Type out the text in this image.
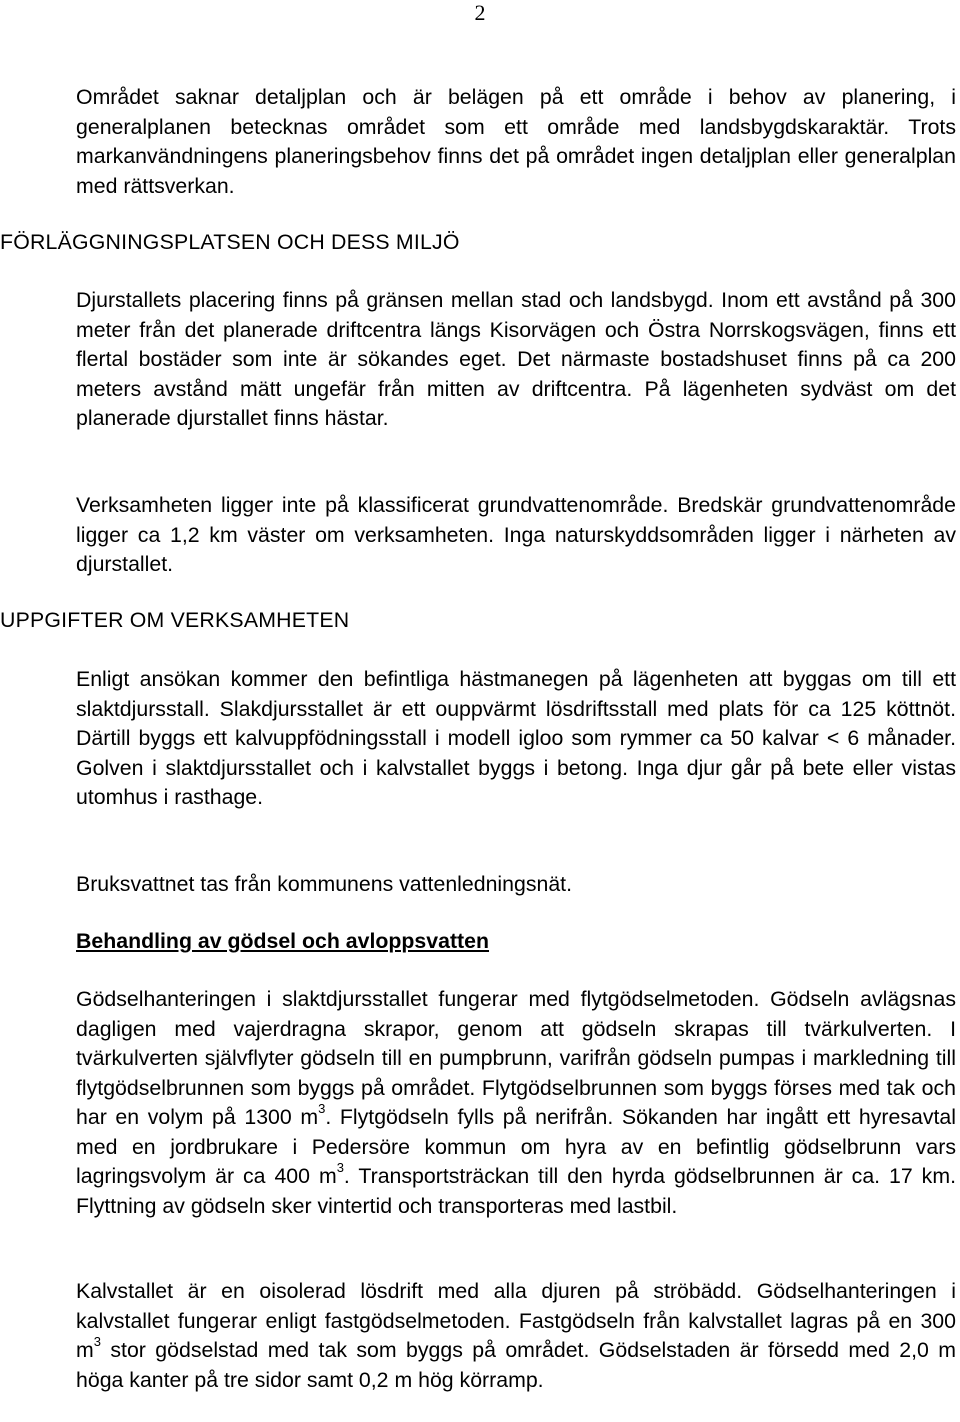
2

Området saknar detaljplan och är belägen på ett område i behov av planering, i generalplanen betecknas området som ett område med landsbygdskaraktär. Trots markanvändningens planeringsbehov finns det på området ingen detaljplan eller generalplan med rättsverkan.

FÖRLÄGGNINGSPLATSEN OCH DESS MILJÖ

Djurstallets placering finns på gränsen mellan stad och landsbygd. Inom ett avstånd på 300 meter från det planerade driftcentra längs Kisorvägen och Östra Norrskogsvägen, finns ett flertal bostäder som inte är sökandes eget. Det närmaste bostadshuset finns på ca 200 meters avstånd mätt ungefär från mitten av driftcentra. På lägenheten sydväst om det planerade djurstallet finns hästar.

Verksamheten ligger inte på klassificerat grundvattenområde. Bredskär grundvattenområde ligger ca 1,2 km väster om verksamheten. Inga naturskyddsområden ligger i närheten av djurstallet.

UPPGIFTER OM VERKSAMHETEN

Enligt ansökan kommer den befintliga hästmanegen på lägenheten att byggas om till ett slaktdjursstall. Slakdjursstallet är ett ouppvärmt lösdriftsstall med plats för ca 125 köttnöt. Därtill byggs ett kalvuppfödningsstall i modell igloo som rymmer ca 50 kalvar < 6 månader. Golven i slaktdjursstallet och i kalvstallet byggs i betong. Inga djur går på bete eller vistas utomhus i rasthage.

Bruksvattnet tas från kommunens vattenledningsnät.

Behandling av gödsel och avloppsvatten

Gödselhanteringen i slaktdjursstallet fungerar med flytgödselmetoden. Gödseln avlägsnas dagligen med vajerdragna skrapor, genom att gödseln skrapas till tvärkulverten. I tvärkulverten självflyter gödseln till en pumpbrunn, varifrån gödseln pumpas i markledning till flytgödselbrunnen som byggs på området. Flytgödselbrunnen som byggs förses med tak och har en volym på 1300 $m^3$. Flytgödseln fylls på nerifrån. Sökanden har ingått ett hyresavtal med en jordbrukare i Pedersöre kommun om hyra av en befintlig gödselbrunn vars lagringsvolym är ca 400 $m^3$. Transportsträckan till den hyrda gödselbrunnen är ca. 17 km. Flyttning av gödseln sker vintertid och transporteras med lastbil.

Kalvstallet är en oisolerad lösdrift med alla djuren på ströbädd. Gödselhanteringen i kalvstallet fungerar enligt fastgödselmetoden. Fastgödseln från kalvstallet lagras på en 300 $m^3$ stor gödselstad med tak som byggs på området. Gödselstaden är försedd med 2,0 m höga kanter på tre sidor samt 0,2 m hög körramp.
